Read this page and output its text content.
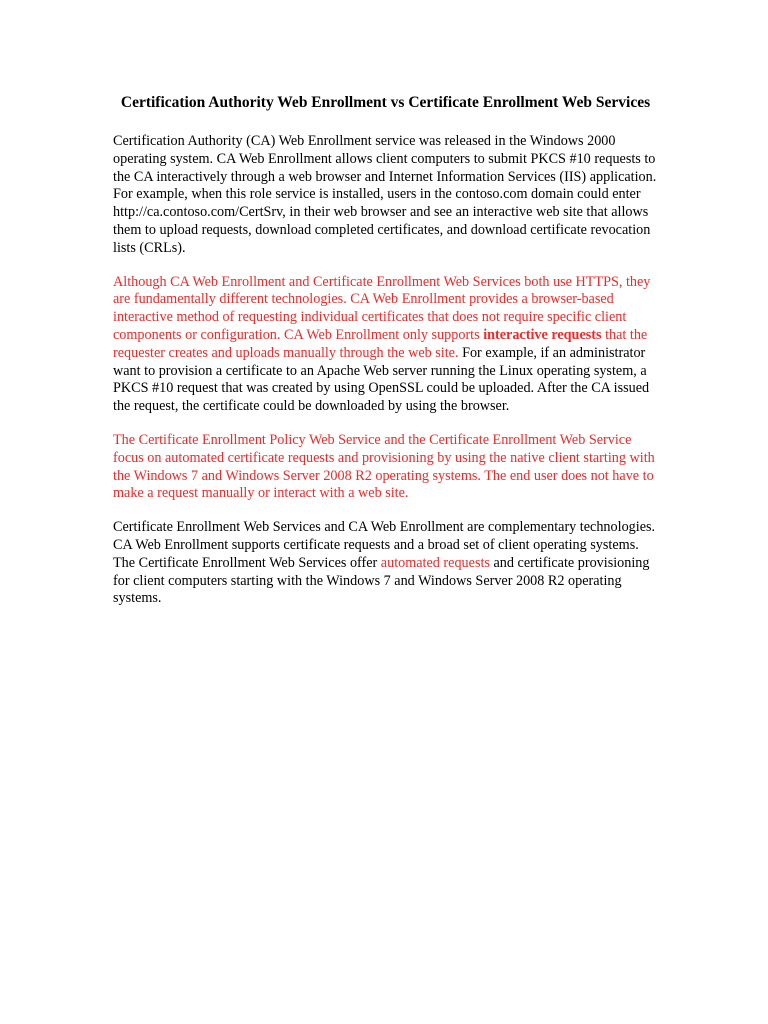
Certification Authority Web Enrollment vs Certificate Enrollment Web Services

Certification Authority (CA) Web Enrollment service was released in the Windows 2000 operating system. CA Web Enrollment allows client computers to submit PKCS #10 requests to the CA interactively through a web browser and Internet Information Services (IIS) application. For example, when this role service is installed, users in the contoso.com domain could enter http://ca.contoso.com/CertSrv, in their web browser and see an interactive web site that allows them to upload requests, download completed certificates, and download certificate revocation lists (CRLs).

Although CA Web Enrollment and Certificate Enrollment Web Services both use HTTPS, they are fundamentally different technologies. CA Web Enrollment provides a browser-based interactive method of requesting individual certificates that does not require specific client components or configuration. CA Web Enrollment only supports interactive requests that the requester creates and uploads manually through the web site. For example, if an administrator want to provision a certificate to an Apache Web server running the Linux operating system, a PKCS #10 request that was created by using OpenSSL could be uploaded. After the CA issued the request, the certificate could be downloaded by using the browser.

The Certificate Enrollment Policy Web Service and the Certificate Enrollment Web Service focus on automated certificate requests and provisioning by using the native client starting with the Windows 7 and Windows Server 2008 R2 operating systems. The end user does not have to make a request manually or interact with a web site.

Certificate Enrollment Web Services and CA Web Enrollment are complementary technologies. CA Web Enrollment supports certificate requests and a broad set of client operating systems. The Certificate Enrollment Web Services offer automated requests and certificate provisioning for client computers starting with the Windows 7 and Windows Server 2008 R2 operating systems.
